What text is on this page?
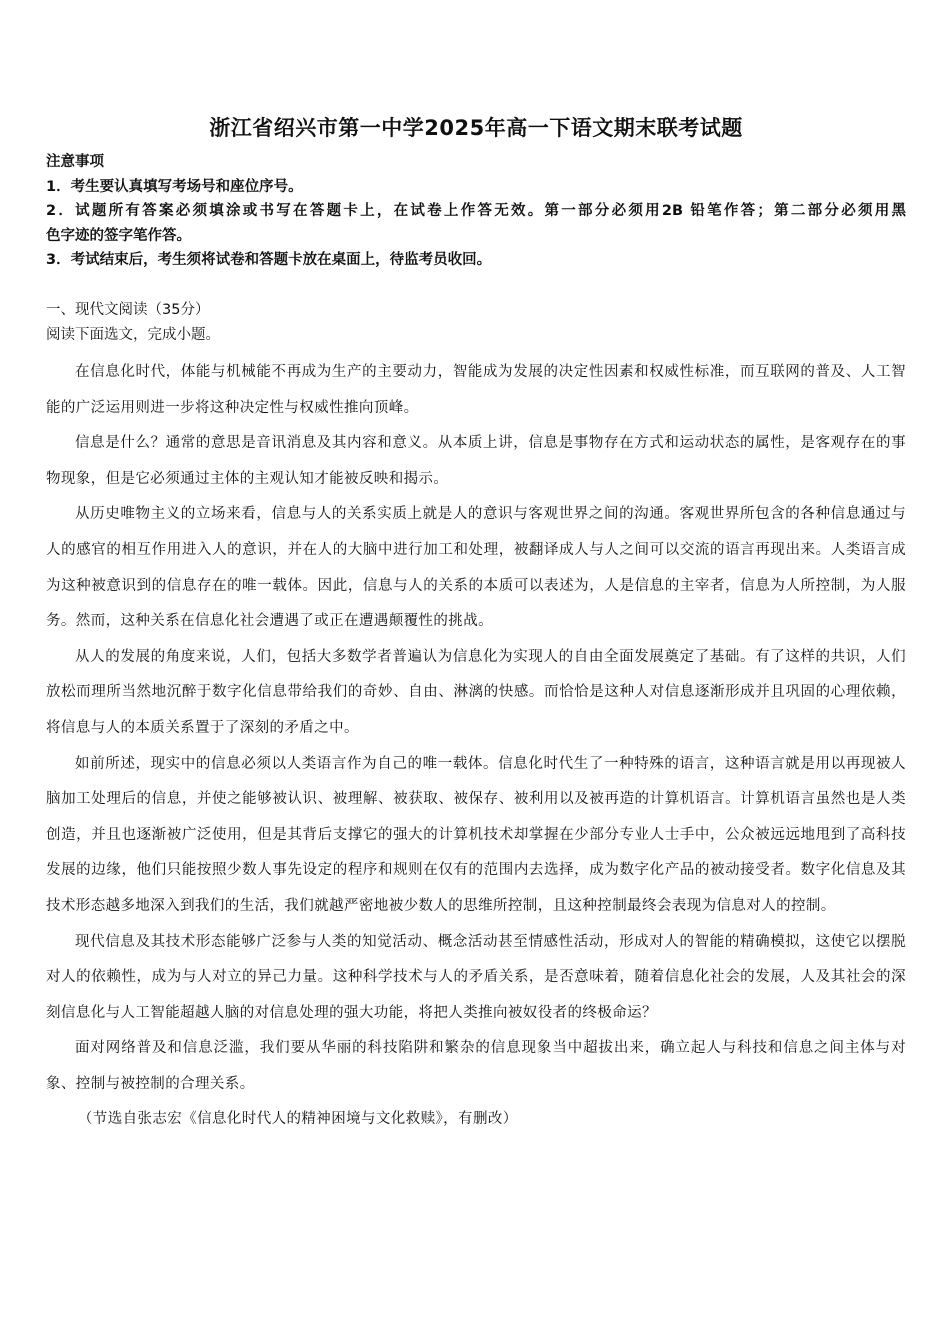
浙江省绍兴市第一中学2025年高一下语文期末联考试题
注意事项
1．考生要认真填写考场号和座位序号。
2．试题所有答案必须填涂或书写在答题卡上，在试卷上作答无效。第一部分必须用2B 铅笔作答；第二部分必须用黑
色字迹的签字笔作答。
3．考试结束后，考生须将试卷和答题卡放在桌面上，待监考员收回。
一、现代文阅读（35分）
阅读下面选文，完成小题。

在信息化时代，体能与机械能不再成为生产的主要动力，智能成为发展的决定性因素和权威性标准，而互联网的普及、人工智能的广泛运用则进一步将这种决定性与权威性推向顶峰。

信息是什么？通常的意思是音讯消息及其内容和意义。从本质上讲，信息是事物存在方式和运动状态的属性，是客观存在的事物现象，但是它必须通过主体的主观认知才能被反映和揭示。

从历史唯物主义的立场来看，信息与人的关系实质上就是人的意识与客观世界之间的沟通。客观世界所包含的各种信息通过与人的感官的相互作用进入人的意识，并在人的大脑中进行加工和处理，被翻译成人与人之间可以交流的语言再现出来。人类语言成为这种被意识到的信息存在的唯一载体。因此，信息与人的关系的本质可以表述为，人是信息的主宰者，信息为人所控制，为人服务。然而，这种关系在信息化社会遭遇了或正在遭遇颠覆性的挑战。

从人的发展的角度来说，人们，包括大多数学者普遍认为信息化为实现人的自由全面发展奠定了基础。有了这样的共识，人们放松而理所当然地沉醉于数字化信息带给我们的奇妙、自由、淋漓的快感。而恰恰是这种人对信息逐渐形成并且巩固的心理依赖，将信息与人的本质关系置于了深刻的矛盾之中。

如前所述，现实中的信息必须以人类语言作为自己的唯一载体。信息化时代生了一种特殊的语言，这种语言就是用以再现被人脑加工处理后的信息，并使之能够被认识、被理解、被获取、被保存、被利用以及被再造的计算机语言。计算机语言虽然也是人类创造，并且也逐渐被广泛使用，但是其背后支撑它的强大的计算机技术却掌握在少部分专业人士手中，公众被远远地甩到了高科技发展的边缘，他们只能按照少数人事先设定的程序和规则在仅有的范围内去选择，成为数字化产品的被动接受者。数字化信息及其技术形态越多地深入到我们的生活，我们就越严密地被少数人的思维所控制，且这种控制最终会表现为信息对人的控制。

现代信息及其技术形态能够广泛参与人类的知觉活动、概念活动甚至情感性活动，形成对人的智能的精确模拟，这使它以摆脱对人的依赖性，成为与人对立的异己力量。这种科学技术与人的矛盾关系，是否意味着，随着信息化社会的发展，人及其社会的深刻信息化与人工智能超越人脑的对信息处理的强大功能，将把人类推向被奴役者的终极命运？

面对网络普及和信息泛滥，我们要从华丽的科技陷阱和繁杂的信息现象当中超拔出来，确立起人与科技和信息之间主体与对象、控制与被控制的合理关系。

（节选自张志宏《信息化时代人的精神困境与文化救赎》，有删改）
